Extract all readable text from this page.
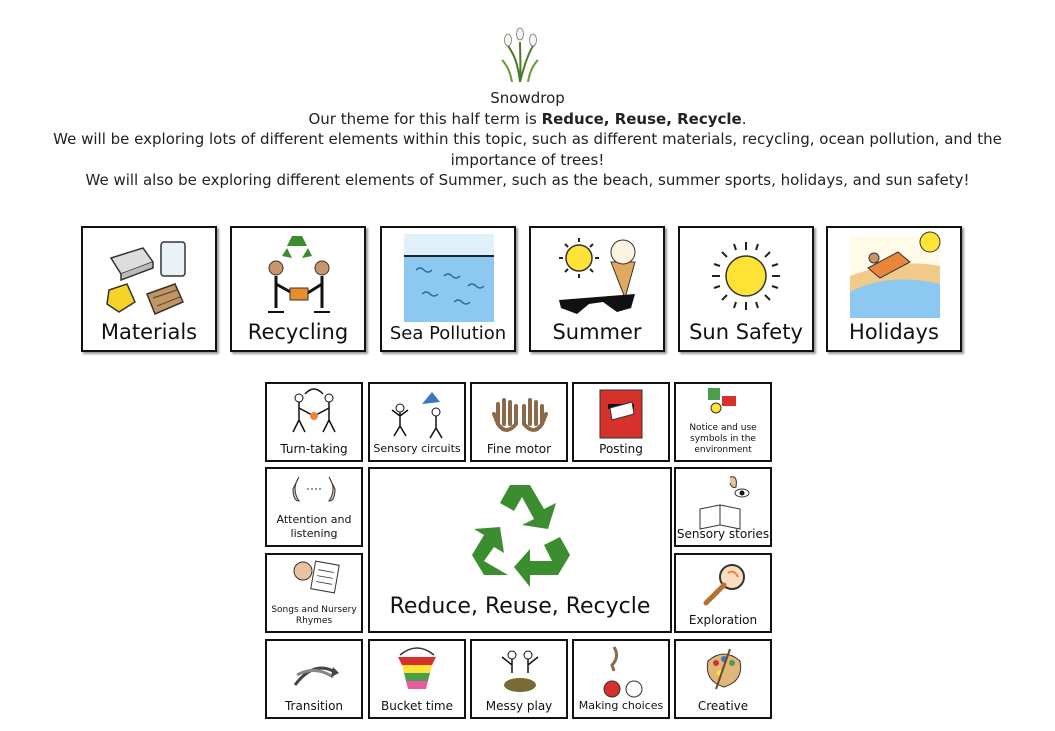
Snowdrop

Our theme for this half term is Reduce, Reuse, Recycle.

We will be exploring lots of different elements within this topic, such as different materials, recycling, ocean pollution, and the importance of trees!

We will also be exploring different elements of Summer, such as the beach, summer sports, holidays, and sun safety!

Materials	Recycling	Sea Pollution	Summer	Sun Safety	Holidays
Turn-taking	Sensory circuits	Fine motor	Posting
Notice and use symbols in the environment
Attention and listening
Songs and Nursery Rhymes
Reduce, Reuse, Recycle
Sensory stories
Exploration
Transition	Bucket time	Messy play	Making choices	Creative
